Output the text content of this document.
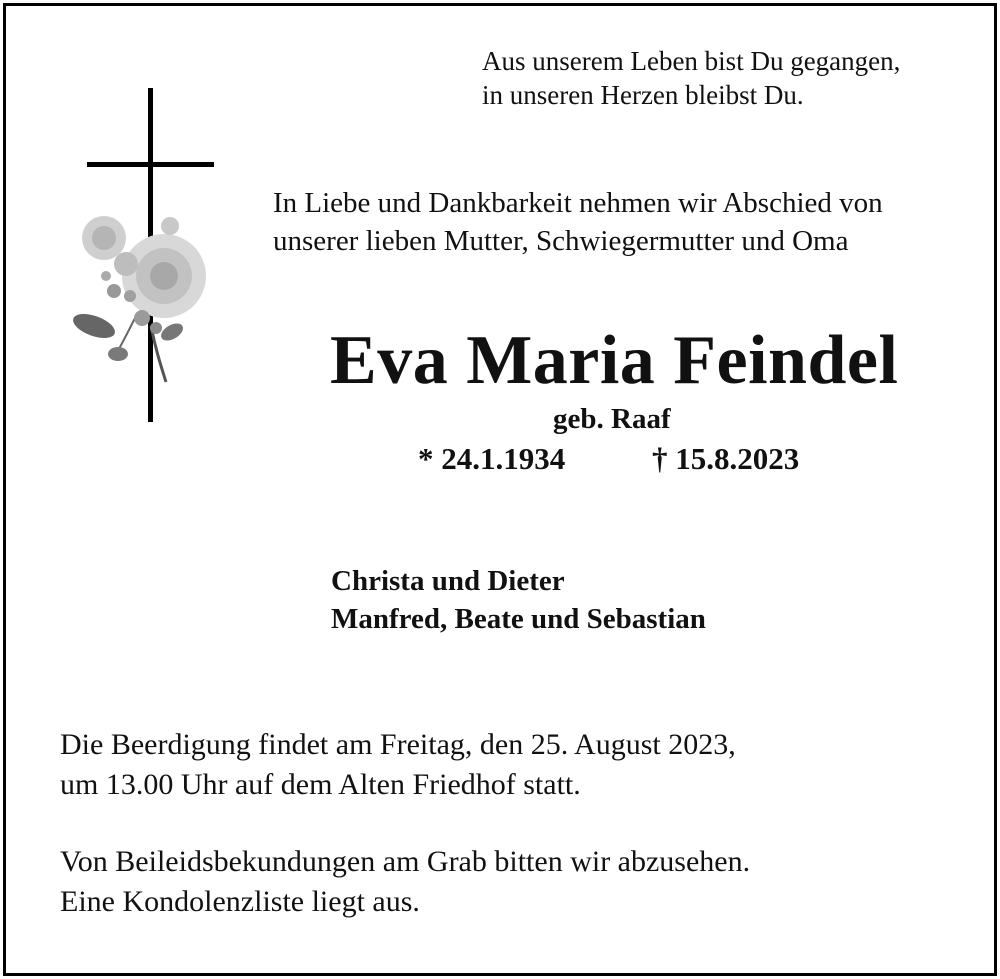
Aus unserem Leben bist Du gegangen,
in unseren Herzen bleibst Du.
In Liebe und Dankbarkeit nehmen wir Abschied von
unserer lieben Mutter, Schwiegermutter und Oma
Eva Maria Feindel
geb. Raaf
* 24.1.1934	† 15.8.2023
Christa und Dieter
Manfred, Beate und Sebastian
Die Beerdigung findet am Freitag, den 25. August 2023,
um 13.00 Uhr auf dem Alten Friedhof statt.
Von Beileidsbekundungen am Grab bitten wir abzusehen.
Eine Kondolenzliste liegt aus.
